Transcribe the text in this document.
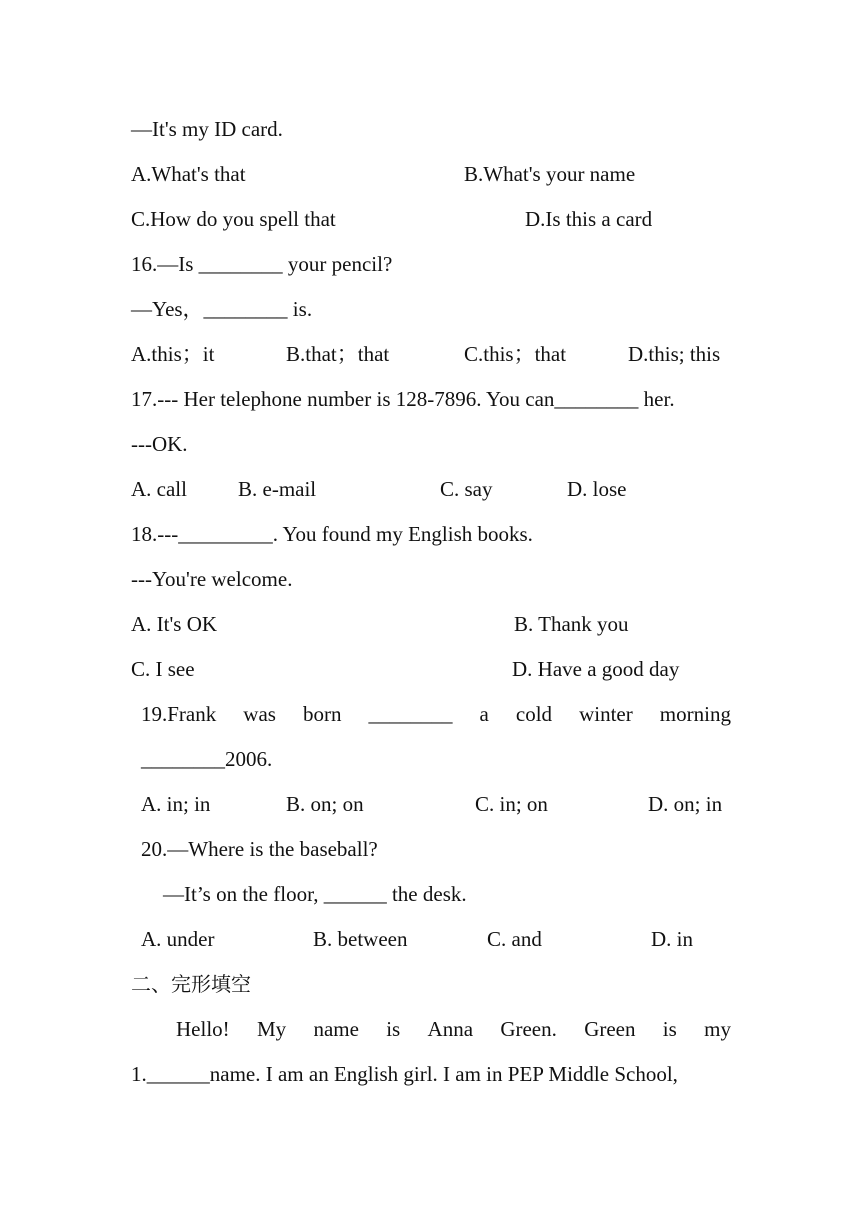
—It's my ID card.
A.What's that	B.What's your name
C.How do you spell that	D.Is this a card
16.—Is ________ your pencil?
—Yes，________ is.
A.this；it	B.that；that	C.this；that	D.this; this
17.--- Her telephone number is 128-7896. You can________ her.
---OK.
A. call B. e-mail	C. say	D. lose
18.---_________. You found my English books.
---You're welcome.
A. It's OK	B. Thank you
C. I see	D. Have a good day
19.Frank was born ________ a cold winter morning
________2006.
A. in; in	B. on; on	C. in; on	D. on; in
20.—Where is the baseball?
—It’s on the floor, ______ the desk.
A. under	B. between	C. and	D. in
二、完形填空
Hello! My name is Anna Green. Green is my
1.______name. I am an English girl. I am in PEP Middle School,
